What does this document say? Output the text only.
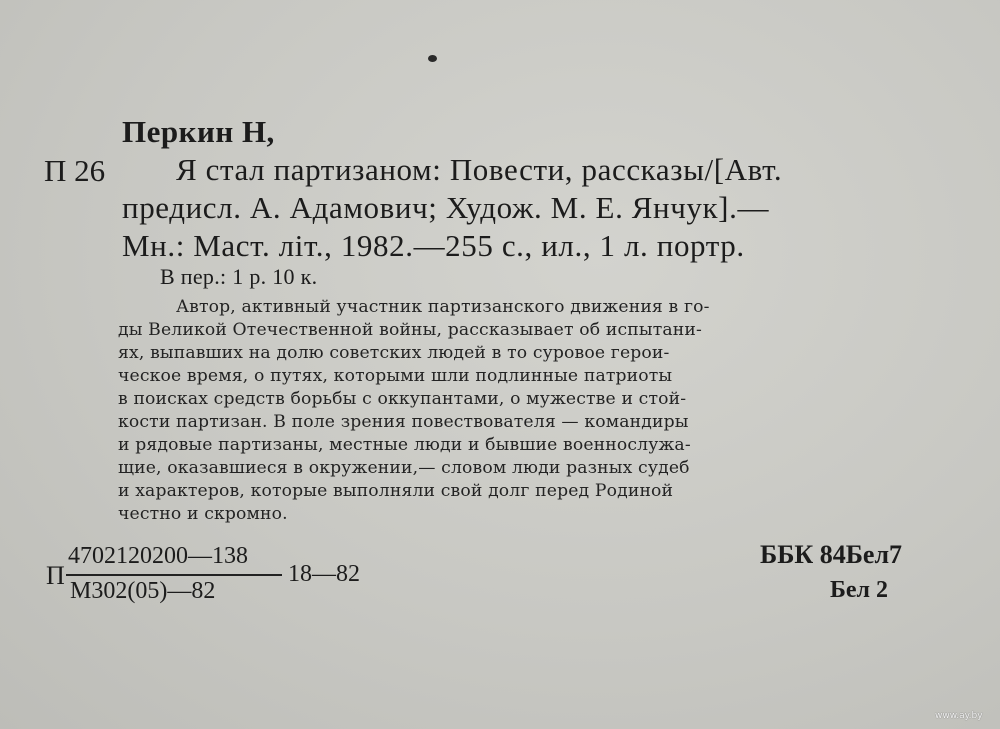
Перкин Н,
П 26 Я стал партизаном: Повести, рассказы/[Авт.
предисл. А. Адамович; Худож. М. Е. Янчук].—
Мн.: Маст. літ., 1982.—255 с., ил., 1 л. портр.
В пер.: 1 р. 10 к.
Автор, активный участник партизанского движения в го-
ды Великой Отечественной войны, рассказывает об испытани-
ях, выпавших на долю советских людей в то суровое герои-
ческое время, о путях, которыми шли подлинные патриоты
в поисках средств борьбы с оккупантами, о мужестве и стой-
кости партизан. В поле зрения повествователя — командиры
и рядовые партизаны, местные люди и бывшие военнослужа-
щие, оказавшиеся в окружении,— словом люди разных судеб
и характеров, которые выполняли свой долг перед Родиной
честно и скромно.
П
4702120200—138
М302(05)—82
18—82
ББК 84Бел7
Бел 2
www.ay.by
